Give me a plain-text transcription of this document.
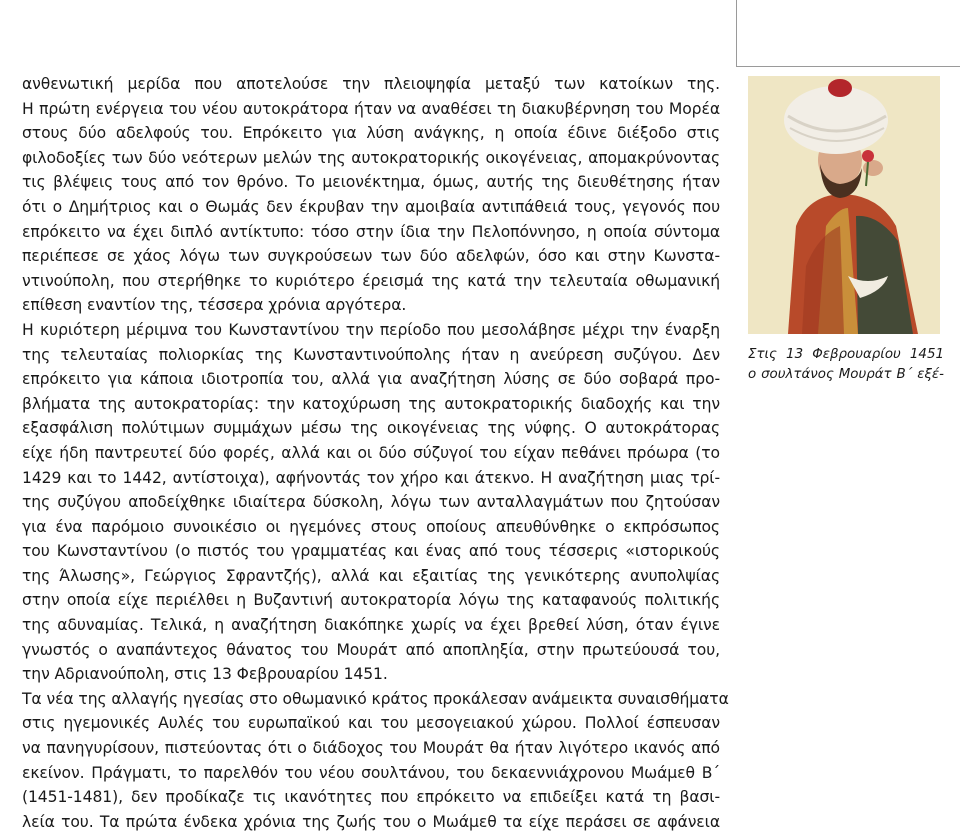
ανθενωτική μερίδα που αποτελούσε την πλειοψηφία μεταξύ των κατοίκων της.
Η πρώτη ενέργεια του νέου αυτοκράτορα ήταν να αναθέσει τη διακυβέρνηση του Μορέα
στους δύο αδελφούς του. Επρόκειτο για λύση ανάγκης, η οποία έδινε διέξοδο στις
φιλοδοξίες των δύο νεότερων μελών της αυτοκρατορικής οικογένειας, απομακρύνοντας
τις βλέψεις τους από τον θρόνο. Το μειονέκτημα, όμως, αυτής της διευθέτησης ήταν
ότι ο Δημήτριος και ο Θωμάς δεν έκρυβαν την αμοιβαία αντιπάθειά τους, γεγονός που
επρόκειτο να έχει διπλό αντίκτυπο: τόσο στην ίδια την Πελοπόννησο, η οποία σύντομα
περιέπεσε σε χάος λόγω των συγκρούσεων των δύο αδελφών, όσο και στην Κωνστα-
ντινούπολη, που στερήθηκε το κυριότερο έρεισμά της κατά την τελευταία οθωμανική
επίθεση εναντίον της, τέσσερα χρόνια αργότερα.
Η κυριότερη μέριμνα του Κωνσταντίνου την περίοδο που μεσολάβησε μέχρι την έναρξη
της τελευταίας πολιορκίας της Κωνσταντινούπολης ήταν η ανεύρεση συζύγου. Δεν
επρόκειτο για κάποια ιδιοτροπία του, αλλά για αναζήτηση λύσης σε δύο σοβαρά προ-
βλήματα της αυτοκρατορίας: την κατοχύρωση της αυτοκρατορικής διαδοχής και την
εξασφάλιση πολύτιμων συμμάχων μέσω της οικογένειας της νύφης. Ο αυτοκράτορας
είχε ήδη παντρευτεί δύο φορές, αλλά και οι δύο σύζυγοί του είχαν πεθάνει πρόωρα (το
1429 και το 1442, αντίστοιχα), αφήνοντάς τον χήρο και άτεκνο. Η αναζήτηση μιας τρί-
της συζύγου αποδείχθηκε ιδιαίτερα δύσκολη, λόγω των ανταλλαγμάτων που ζητούσαν
για ένα παρόμοιο συνοικέσιο οι ηγεμόνες στους οποίους απευθύνθηκε ο εκπρόσωπος
του Κωνσταντίνου (ο πιστός του γραμματέας και ένας από τους τέσσερις «ιστορικούς
της Άλωσης», Γεώργιος Σφραντζής), αλλά και εξαιτίας της γενικότερης ανυπολψίας
στην οποία είχε περιέλθει η Βυζαντινή αυτοκρατορία λόγω της καταφανούς πολιτικής
της αδυναμίας. Τελικά, η αναζήτηση διακόπηκε χωρίς να έχει βρεθεί λύση, όταν έγινε
γνωστός ο αναπάντεχος θάνατος του Μουράτ από αποπληξία, στην πρωτεύουσά του,
την Αδριανούπολη, στις 13 Φεβρουαρίου 1451.
Τα νέα της αλλαγής ηγεσίας στο οθωμανικό κράτος προκάλεσαν ανάμεικτα συναισθήματα
στις ηγεμονικές Αυλές του ευρωπαϊκού και του μεσογειακού χώρου. Πολλοί έσπευσαν
να πανηγυρίσουν, πιστεύοντας ότι ο διάδοχος του Μουράτ θα ήταν λιγότερο ικανός από
εκείνον. Πράγματι, το παρελθόν του νέου σουλτάνου, του δεκαεννιάχρονου Μωάμεθ Β΄
(1451-1481), δεν προδίκαζε τις ικανότητες που επρόκειτο να επιδείξει κατά τη βασι-
λεία του. Τα πρώτα ένδεκα χρόνια της ζωής του ο Μωάμεθ τα είχε περάσει σε αφάνεια
Στις 13 Φεβρουαρίου 1451
ο σουλτάνος Μουράτ Β΄ εξέ-
